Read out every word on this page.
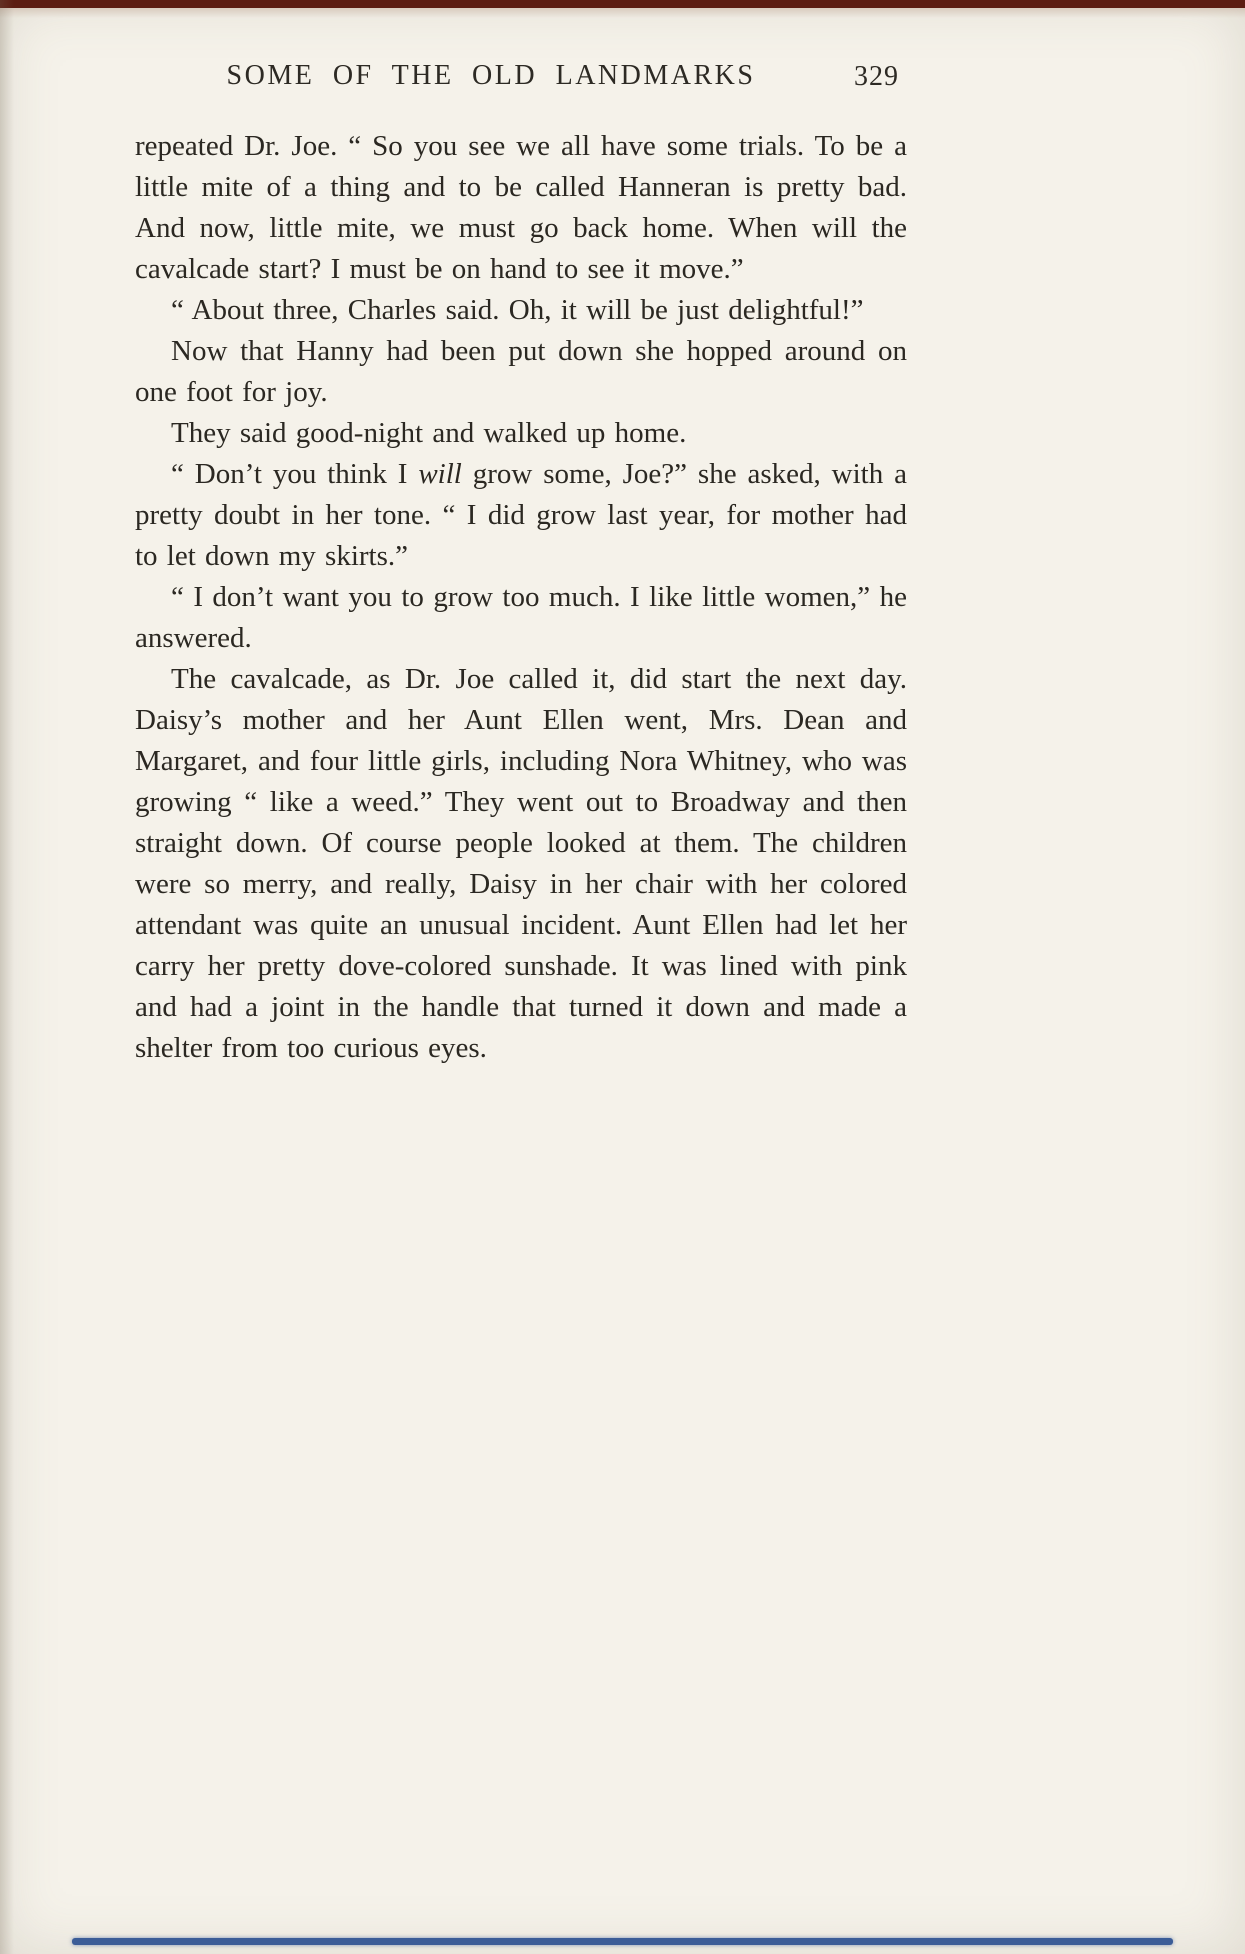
SOME OF THE OLD LANDMARKS	329

repeated Dr. Joe. “ So you see we all have some trials. To be a little mite of a thing and to be called Hanneran is pretty bad. And now, little mite, we must go back home. When will the cavalcade start? I must be on hand to see it move.”

“ About three, Charles said. Oh, it will be just delightful!”

Now that Hanny had been put down she hopped around on one foot for joy.

They said good-night and walked up home.

“ Don’t you think I will grow some, Joe?” she asked, with a pretty doubt in her tone. “ I did grow last year, for mother had to let down my skirts.”

“ I don’t want you to grow too much. I like little women,” he answered.

The cavalcade, as Dr. Joe called it, did start the next day. Daisy’s mother and her Aunt Ellen went, Mrs. Dean and Margaret, and four little girls, including Nora Whitney, who was growing “ like a weed.” They went out to Broadway and then straight down. Of course people looked at them. The children were so merry, and really, Daisy in her chair with her colored attendant was quite an unusual incident. Aunt Ellen had let her carry her pretty dove-colored sunshade. It was lined with pink and had a joint in the handle that turned it down and made a shelter from too curious eyes.
